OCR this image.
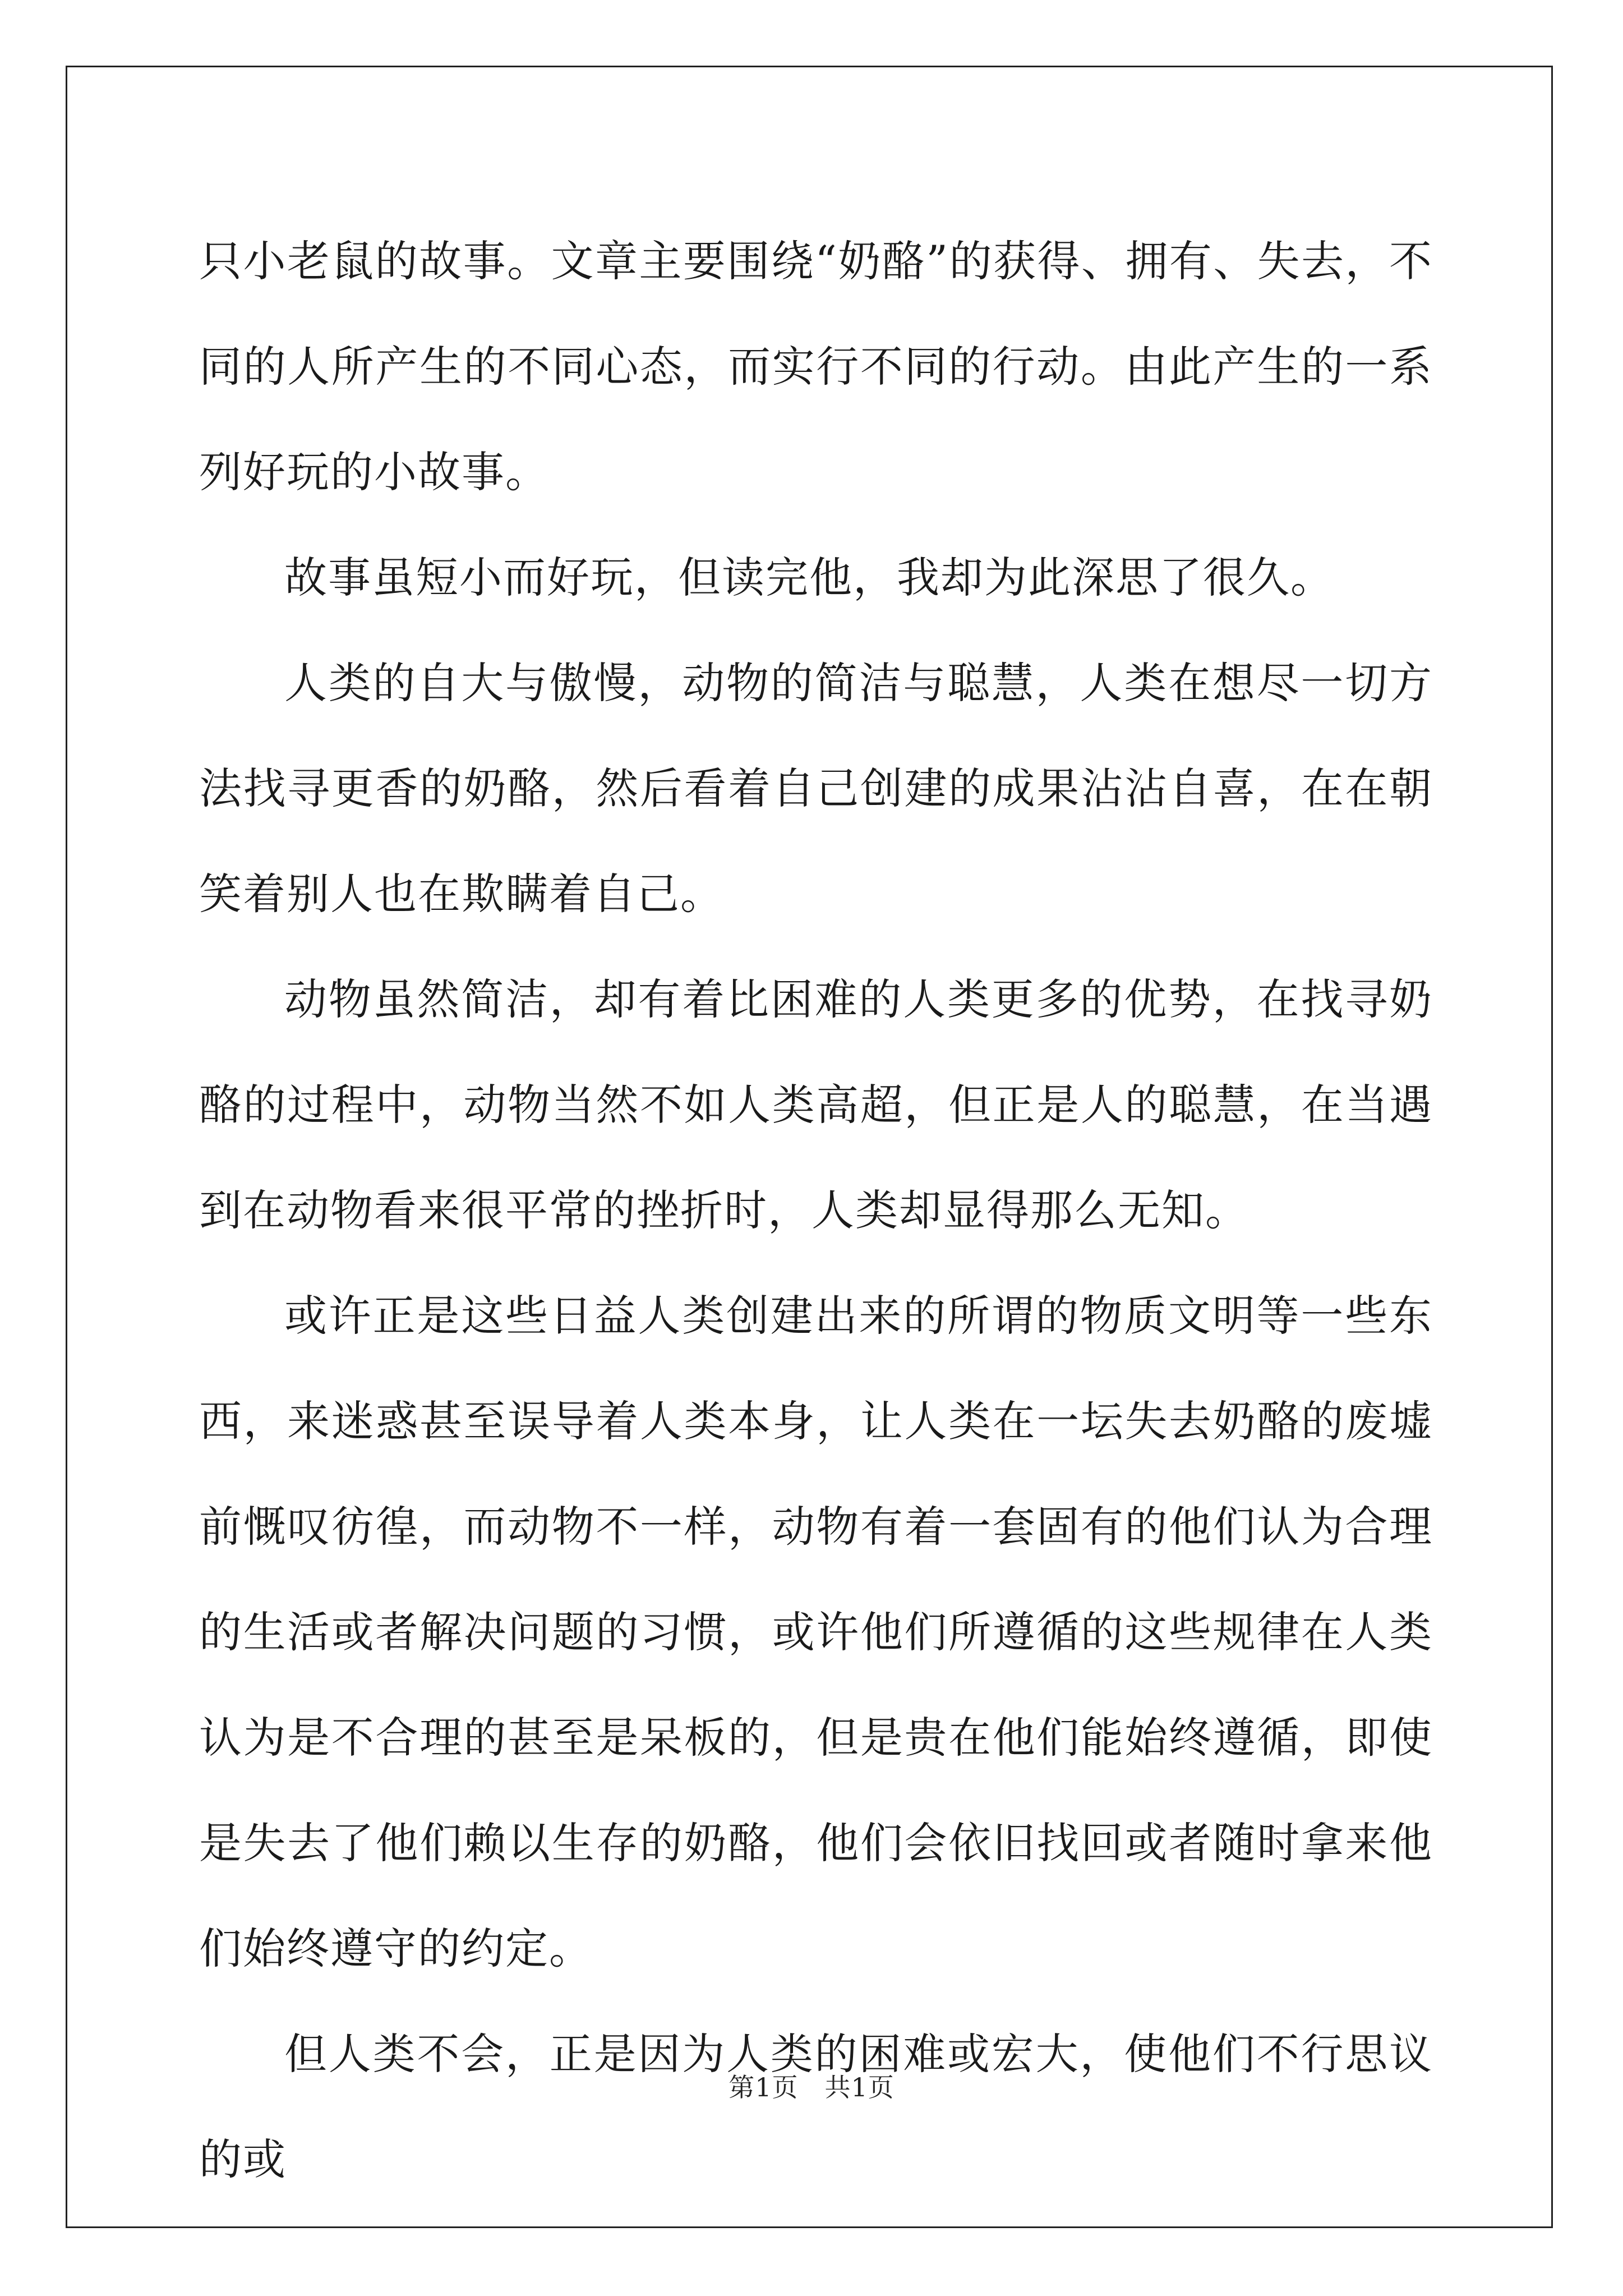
只小老鼠的故事。文章主要围绕“奶酪”的获得、拥有、失去，不同的人所产生的不同心态，而实行不同的行动。由此产生的一系列好玩的小故事。

故事虽短小而好玩，但读完他，我却为此深思了很久。

人类的自大与傲慢，动物的简洁与聪慧，人类在想尽一切方法找寻更香的奶酪，然后看着自己创建的成果沾沾自喜，在在朝笑着别人也在欺瞒着自己。

动物虽然简洁，却有着比困难的人类更多的优势，在找寻奶酪的过程中，动物当然不如人类高超，但正是人的聪慧，在当遇到在动物看来很平常的挫折时，人类却显得那么无知。

或许正是这些日益人类创建出来的所谓的物质文明等一些东西，来迷惑甚至误导着人类本身，让人类在一坛失去奶酪的废墟前慨叹彷徨，而动物不一样，动物有着一套固有的他们认为合理的生活或者解决问题的习惯，或许他们所遵循的这些规律在人类认为是不合理的甚至是呆板的，但是贵在他们能始终遵循，即使是失去了他们赖以生存的奶酪，他们会依旧找回或者随时拿来他们始终遵守的约定。

但人类不会，正是因为人类的困难或宏大，使他们不行思议的或

第1页　共1页
